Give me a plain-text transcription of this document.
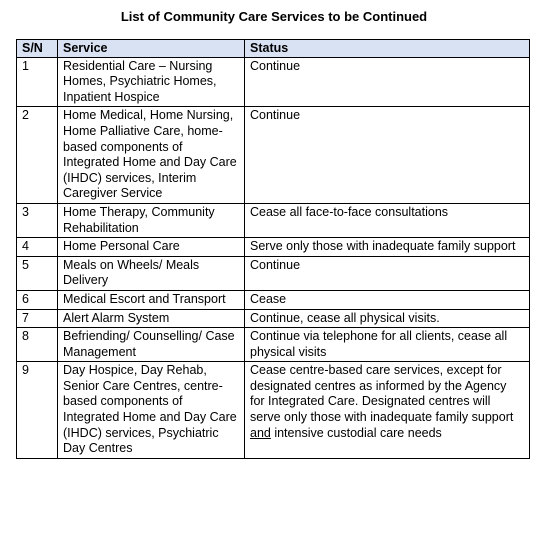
List of Community Care Services to be Continued
S/N	Service	Status
1	Residential Care – Nursing Homes, Psychiatric Homes, Inpatient Hospice	Continue
2	Home Medical, Home Nursing, Home Palliative Care, home-based components of Integrated Home and Day Care (IHDC) services, Interim Caregiver Service	Continue
3	Home Therapy, Community Rehabilitation	Cease all face-to-face consultations
4	Home Personal Care	Serve only those with inadequate family support
5	Meals on Wheels/ Meals Delivery	Continue
6	Medical Escort and Transport	Cease
7	Alert Alarm System	Continue, cease all physical visits.
8	Befriending/ Counselling/ Case Management	Continue via telephone for all clients, cease all physical visits
9	Day Hospice, Day Rehab, Senior Care Centres, centre-based components of Integrated Home and Day Care (IHDC) services, Psychiatric Day Centres	Cease centre-based care services, except for designated centres as informed by the Agency for Integrated Care. Designated centres will serve only those with inadequate family support and intensive custodial care needs
